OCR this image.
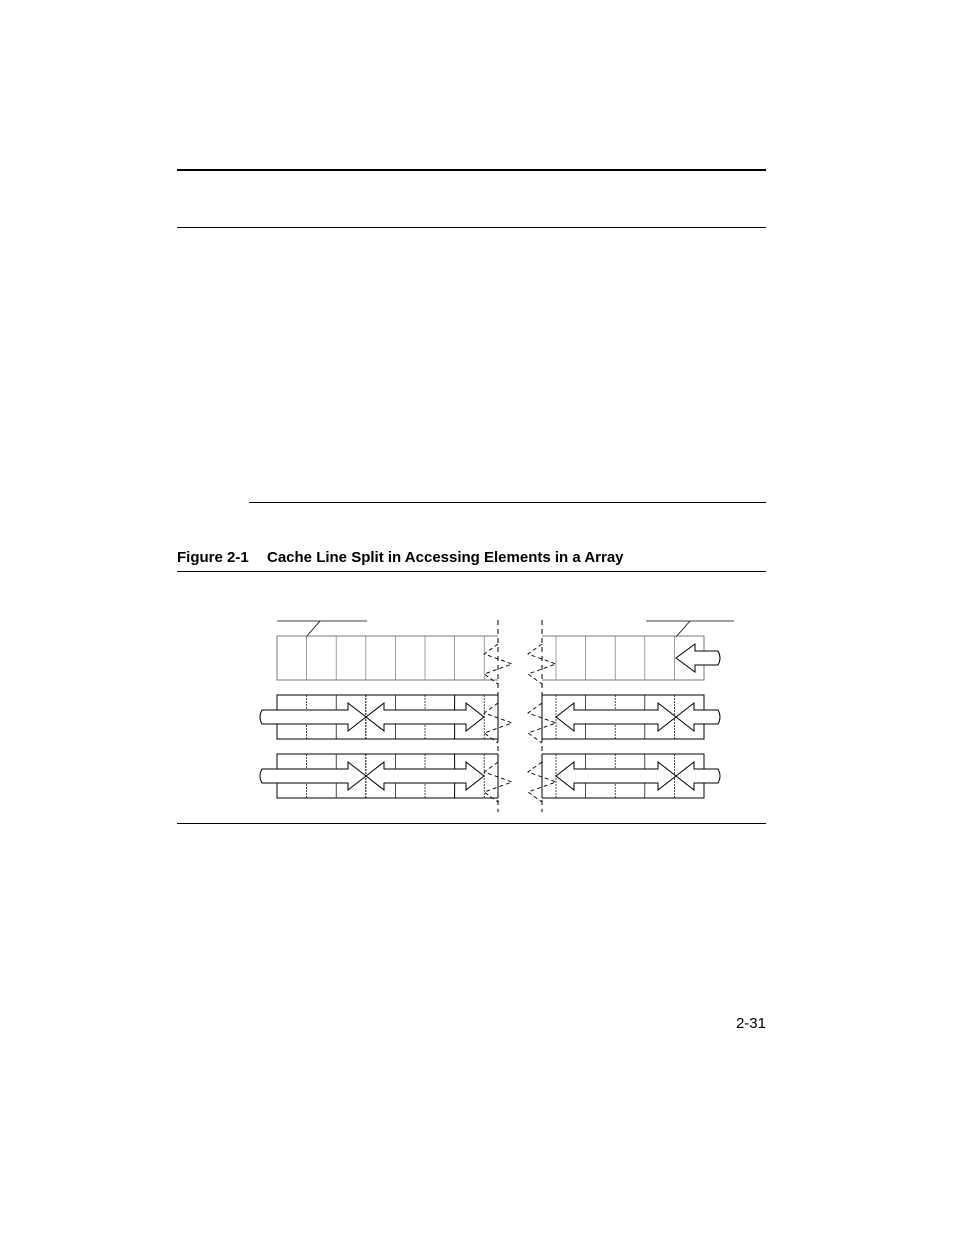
Figure 2-1 Cache Line Split in Accessing Elements in a Array
2-31
